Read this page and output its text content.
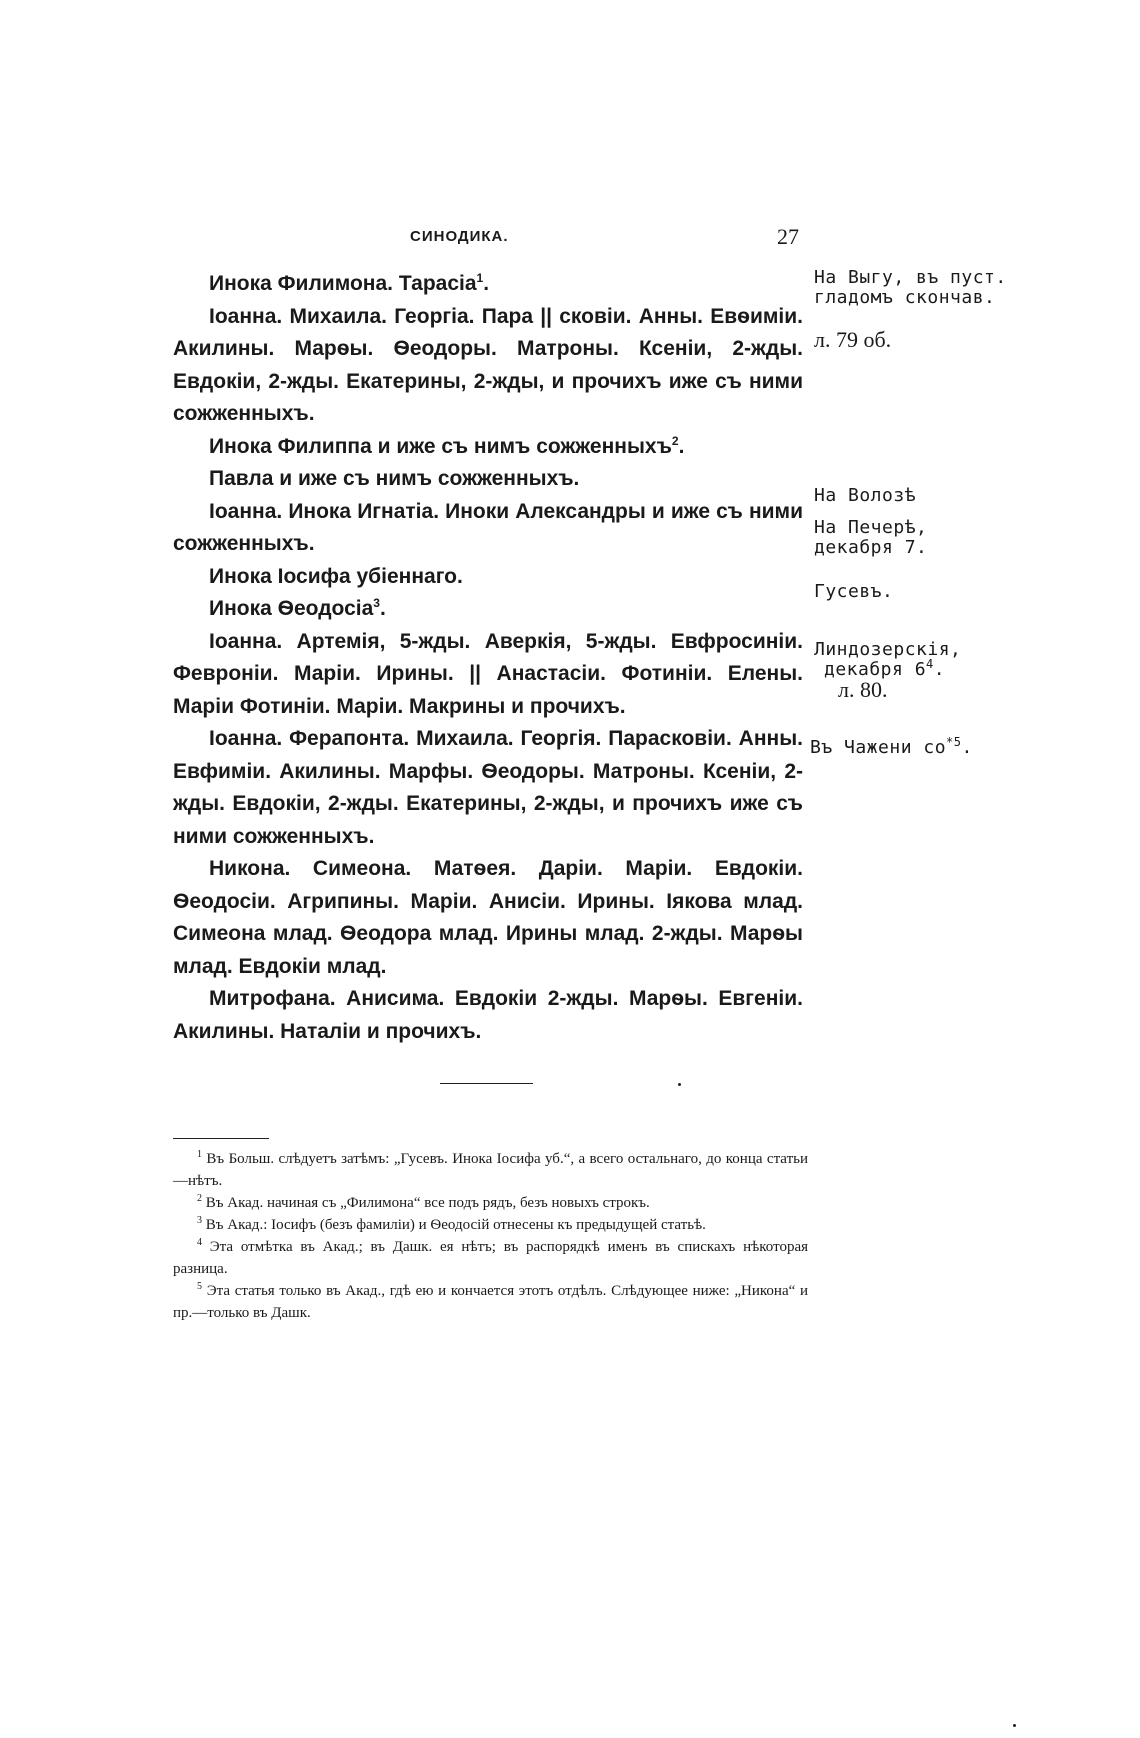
СИНОДИКА.	27

Инока Филимона. Тарасіа$^1$.

Іоанна. Михаила. Георгіа. Пара || сковіи. Анны. Евѳиміи. Акилины. Марѳы. Ѳеодоры. Матроны. Ксеніи, 2-жды. Евдокіи, 2-жды. Екатерины, 2-жды, и прочихъ иже съ ними сожженныхъ.

Инока Филиппа и иже съ нимъ сожженныхъ$^2$.

Павла и иже съ нимъ сожженныхъ.

Іоанна. Инока Игнатіа. Иноки Александры и иже съ ними сожженныхъ.

Инока Іосифа убіеннаго.

Инока Ѳеодосіа$^3$.

Іоанна. Артемія, 5-жды. Аверкія, 5-жды. Евфросиніи. Февроніи. Маріи. Ирины. || Анастасіи. Фотиніи. Елены. Маріи Фотиніи. Маріи. Макрины и прочихъ.

Іоанна. Ферапонта. Михаила. Георгія. Парасковіи. Анны. Евфиміи. Акилины. Марфы. Ѳеодоры. Матроны. Ксеніи, 2-жды. Евдокіи, 2-жды. Екатерины, 2-жды, и прочихъ иже съ ними сожженныхъ.

Никона. Симеона. Матѳея. Даріи. Маріи. Евдокіи. Ѳеодосіи. Агрипины. Маріи. Анисіи. Ирины. Іякова млад. Симеона млад. Ѳеодора млад. Ирины млад. 2-жды. Марѳы млад. Евдокіи млад.

Митрофана. Анисима. Евдокіи 2-жды. Марѳы. Евгеніи. Акилины. Наталіи и прочихъ.

На Выгу, въ пуст.
гладомъ скончав.
л. 79 об.
На Волозѣ
На Печерѣ,
декабря 7.
Гусевъ.
Линдозерскія,
декабря $6^4$.
л. 80.
Въ Чажени $со^{*5}$.

$^1$ Въ Больш. слѣдуетъ затѣмъ: „Гусевъ. Инока Іосифа уб.“, а всего остальнаго, до конца статьи—нѣтъ.

$^2$ Въ Акад. начиная съ „Филимона“ все подъ рядъ, безъ новыхъ строкъ.

$^3$ Въ Акад.: Іосифъ (безъ фамиліи) и Ѳеодосій отнесены къ предыдущей статьѣ.

$^4$ Эта отмѣтка въ Акад.; въ Дашк. ея нѣтъ; въ распорядкѣ именъ въ спискахъ нѣкоторая разница.

$^5$ Эта статья только въ Акад., гдѣ ею и кончается этотъ отдѣлъ. Слѣдующее ниже: „Никона“ и пр.—только въ Дашк.
